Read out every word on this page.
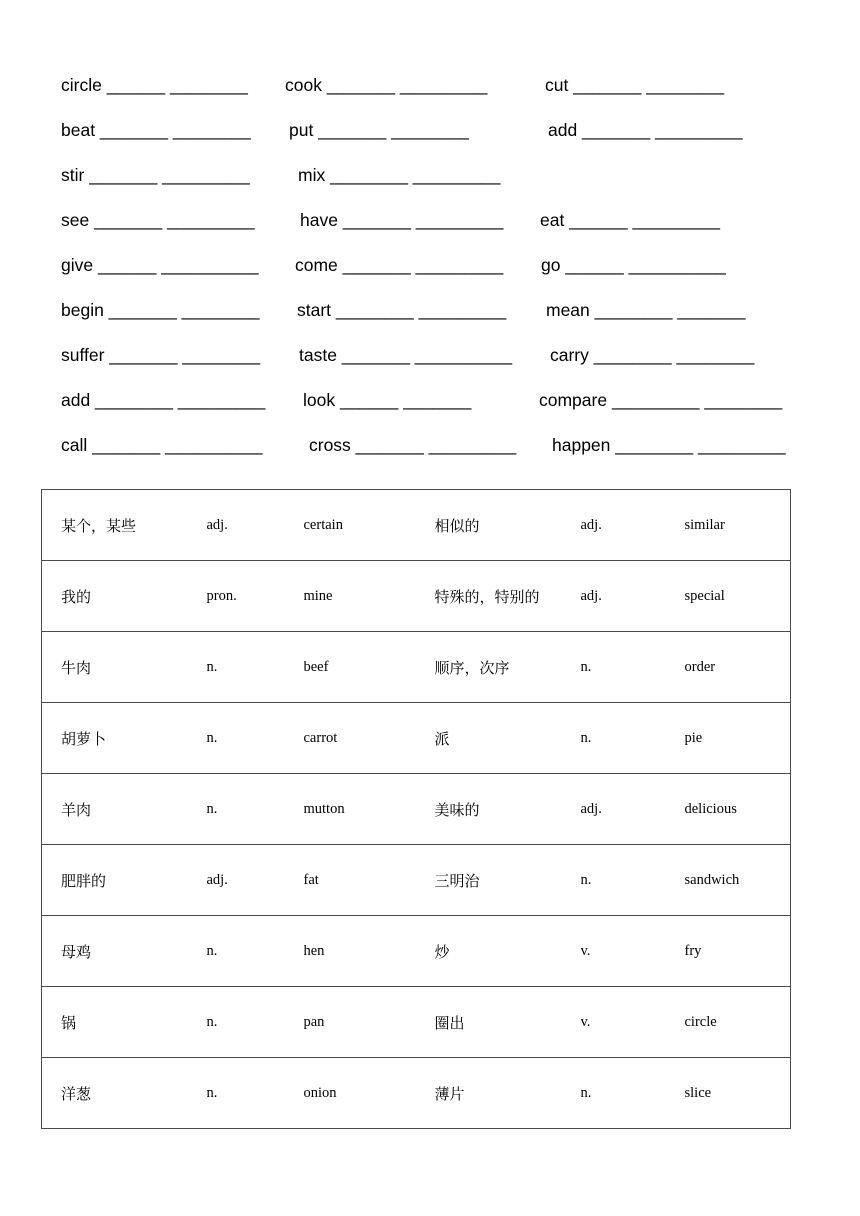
circle ______ ________ cook _______ _________	cut _______ ________
beat _______ ________ put _______ ________	add _______ _________
stir _______ _________	mix ________ _________
see _______ _________	have _______ _________ eat ______ _________
give ______ __________ come _______ _________ go ______ __________
begin _______ ________ start ________ _________ mean ________ _______
suffer _______ ________ taste _______ __________ carry ________ ________
add ________ _________ look ______ _______	compare _________ ________
call _______ __________	cross _______ _________ happen ________ _________
某个，某些	adj.	certain	相似的	adj.	similar
我的	pron.	mine	特殊的，特别的	adj.	special
牛肉	n.	beef	顺序，次序	n.	order
胡萝卜	n.	carrot	派	n.	pie
羊肉	n.	mutton	美味的	adj.	delicious
肥胖的	adj.	fat	三明治	n.	sandwich
母鸡	n.	hen	炒	v.	fry
锅	n.	pan	圈出	v.	circle
洋葱	n.	onion	薄片	n.	slice
